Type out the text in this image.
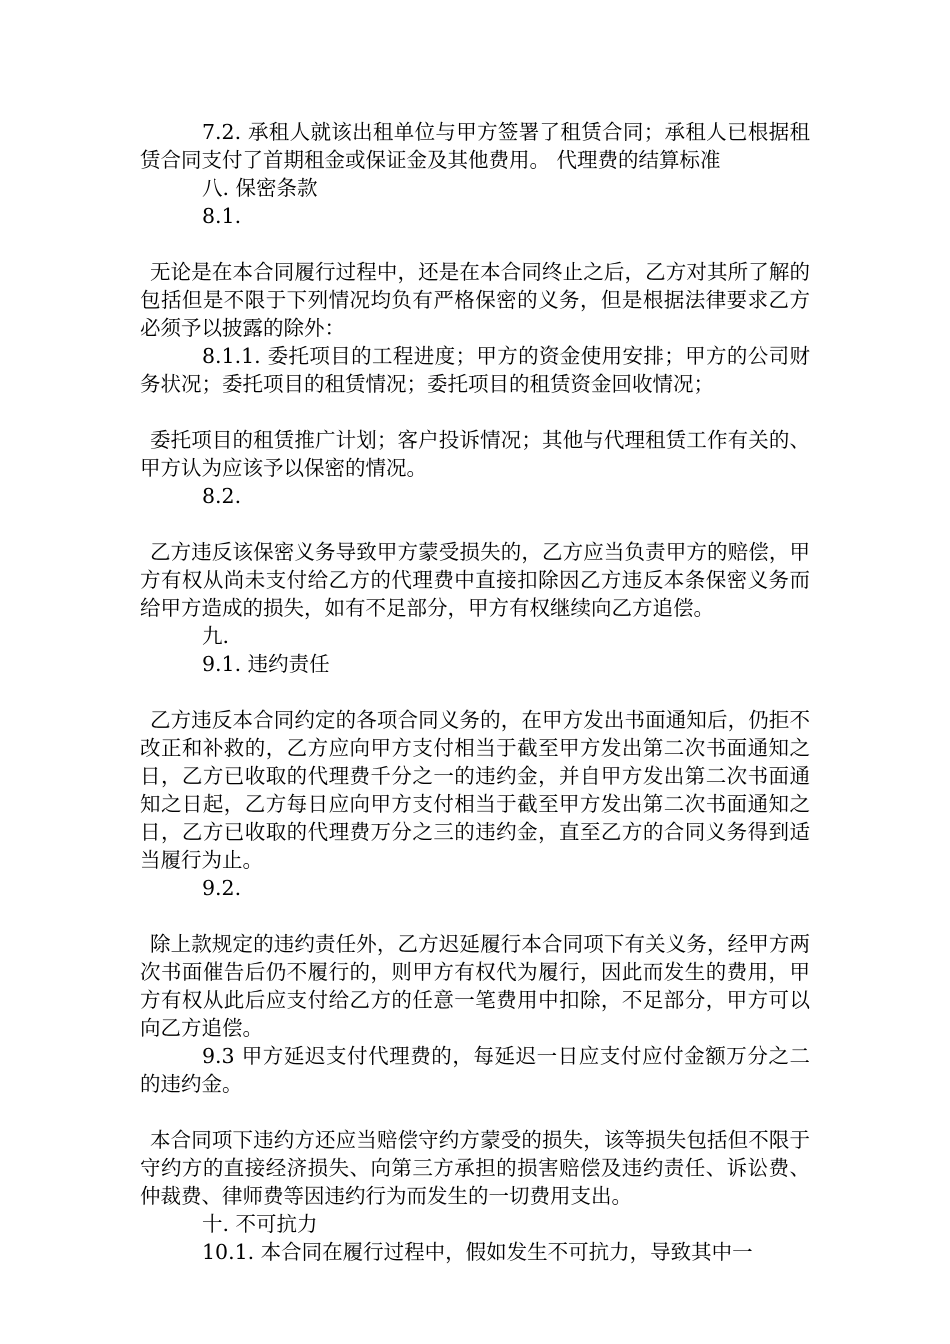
7.2. 承租人就该出租单位与甲方签署了租赁合同；承租人已根据租赁合同支付了首期租金或保证金及其他费用。 代理费的结算标准

八. 保密条款

8.1.

无论是在本合同履行过程中，还是在本合同终止之后，乙方对其所了解的包括但是不限于下列情况均负有严格保密的义务，但是根据法律要求乙方必须予以披露的除外：

8.1.1. 委托项目的工程进度；甲方的资金使用安排；甲方的公司财务状况；委托项目的租赁情况；委托项目的租赁资金回收情况；

委托项目的租赁推广计划；客户投诉情况；其他与代理租赁工作有关的、甲方认为应该予以保密的情况。

8.2.

乙方违反该保密义务导致甲方蒙受损失的，乙方应当负责甲方的赔偿，甲方有权从尚未支付给乙方的代理费中直接扣除因乙方违反本条保密义务而给甲方造成的损失，如有不足部分，甲方有权继续向乙方追偿。

九.

9.1. 违约责任

乙方违反本合同约定的各项合同义务的，在甲方发出书面通知后，仍拒不改正和补救的，乙方应向甲方支付相当于截至甲方发出第二次书面通知之日，乙方已收取的代理费千分之一的违约金，并自甲方发出第二次书面通知之日起，乙方每日应向甲方支付相当于截至甲方发出第二次书面通知之日，乙方已收取的代理费万分之三的违约金，直至乙方的合同义务得到适当履行为止。

9.2.

除上款规定的违约责任外，乙方迟延履行本合同项下有关义务，经甲方两次书面催告后仍不履行的，则甲方有权代为履行，因此而发生的费用，甲方有权从此后应支付给乙方的任意一笔费用中扣除，不足部分，甲方可以向乙方追偿。

9.3 甲方延迟支付代理费的，每延迟一日应支付应付金额万分之二的违约金。

本合同项下违约方还应当赔偿守约方蒙受的损失，该等损失包括但不限于守约方的直接经济损失、向第三方承担的损害赔偿及违约责任、诉讼费、仲裁费、律师费等因违约行为而发生的一切费用支出。

十. 不可抗力

10.1. 本合同在履行过程中，假如发生不可抗力，导致其中一
